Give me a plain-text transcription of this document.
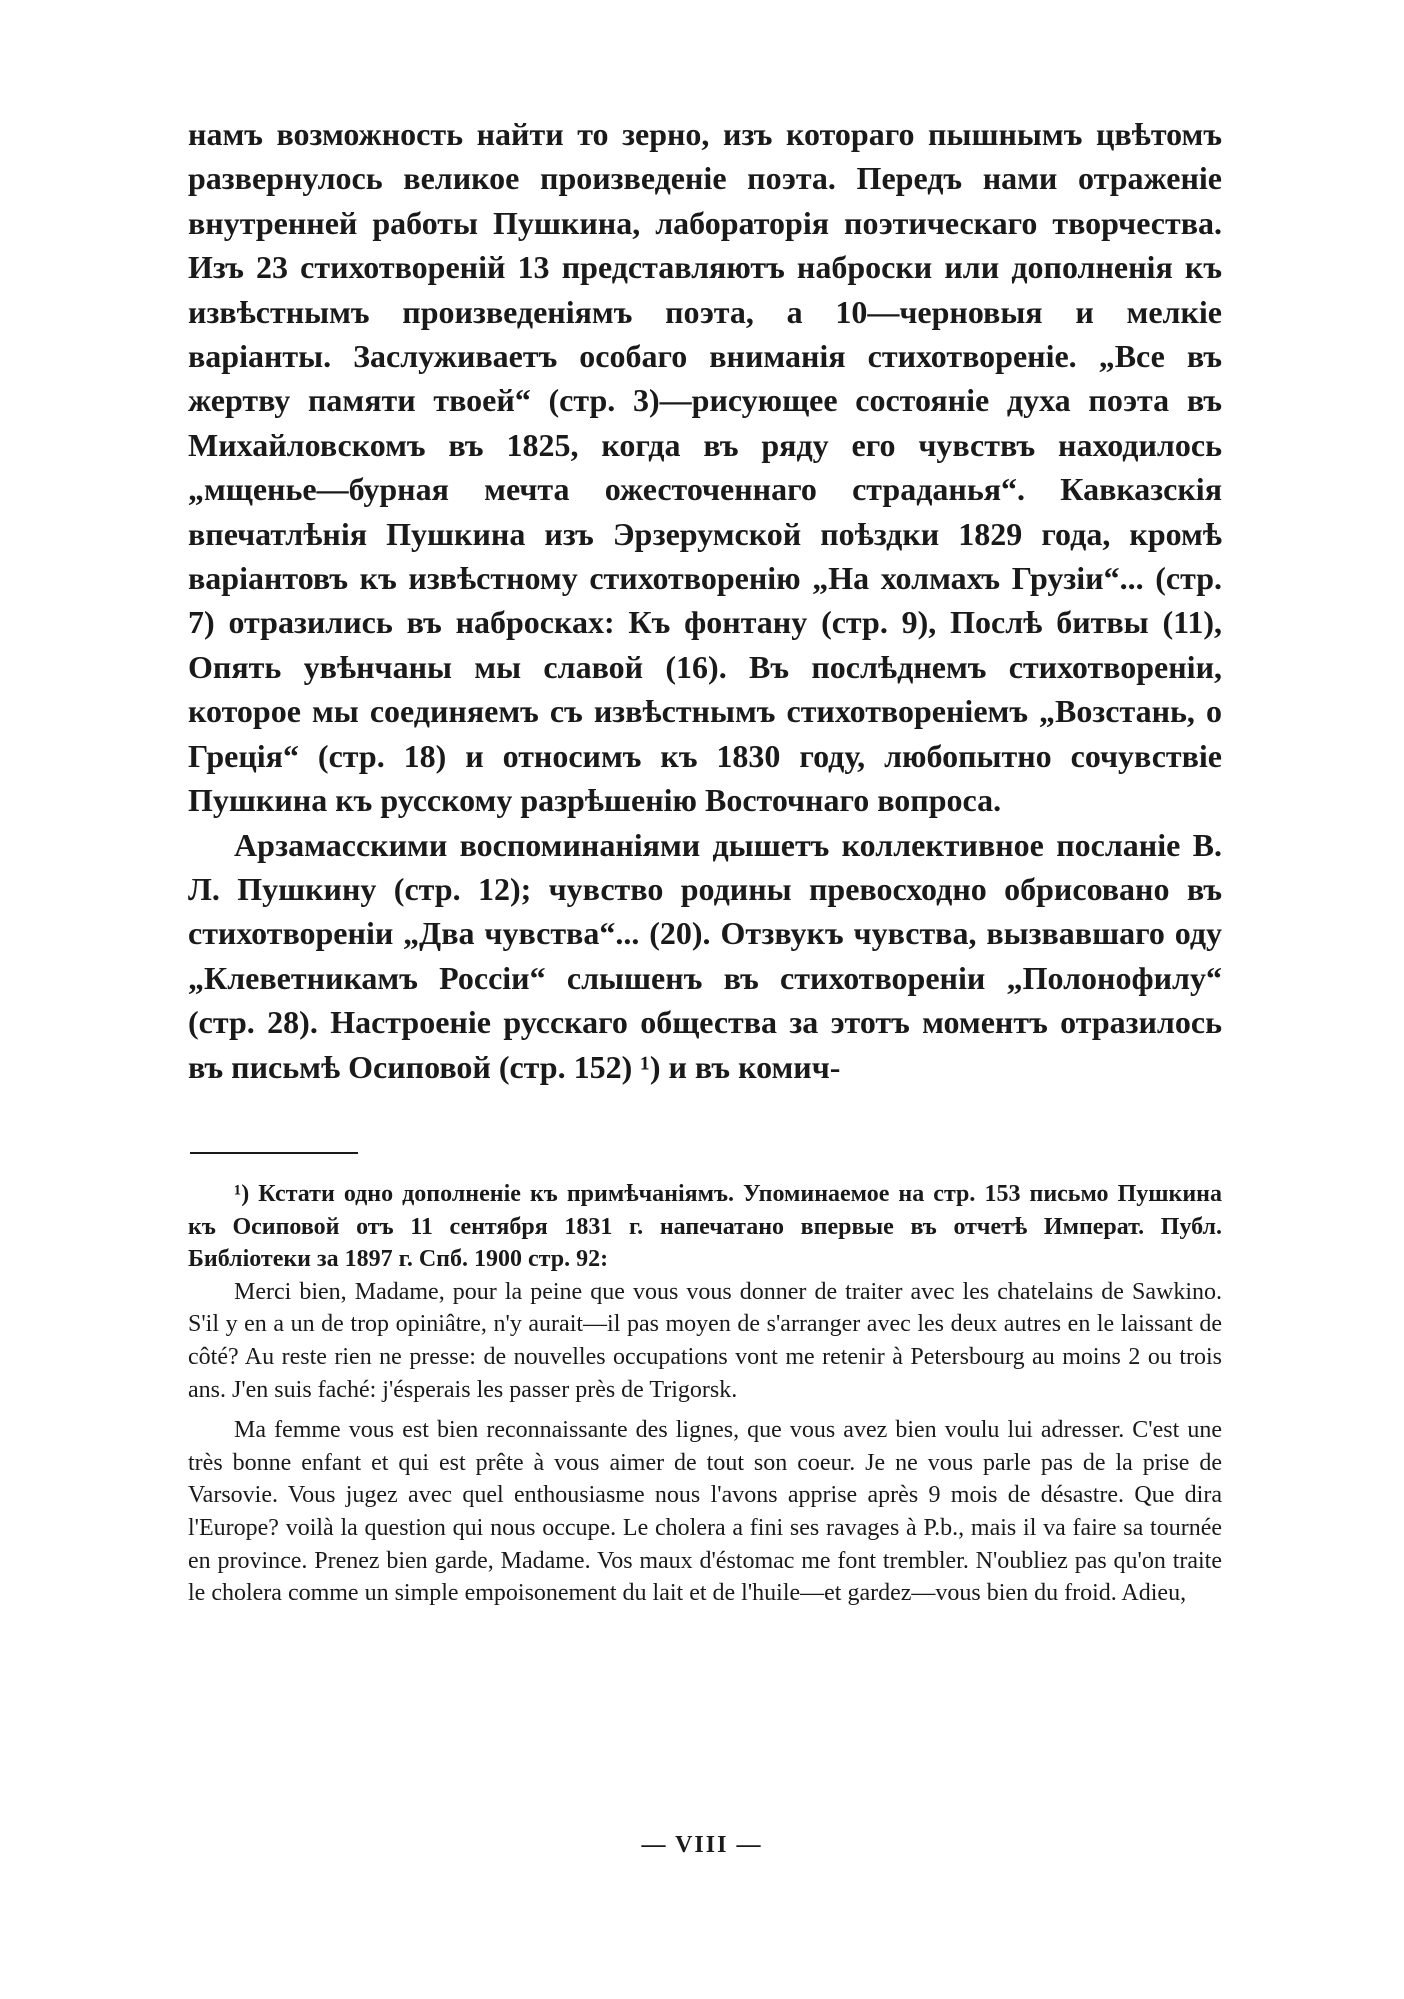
намъ возможность найти то зерно, изъ котораго пышнымъ цвѣтомъ развернулось великое произведеніе поэта. Передъ нами отраженіе внутренней работы Пушкина, лабораторія поэтическаго творчества. Изъ 23 стихотвореній 13 представляютъ наброски или дополненія къ извѣстнымъ произведеніямъ поэта, а 10—черновыя и мелкіе варіанты. Заслуживаетъ особаго вниманія стихотвореніе. „Все въ жертву памяти твоей“ (стр. 3)—рисующее состояніе духа поэта въ Михайловскомъ въ 1825, когда въ ряду его чувствъ находилось „мщенье—бурная мечта ожесточеннаго страданья“. Кавказскія впечатлѣнія Пушкина изъ Эрзерумской поѣздки 1829 года, кромѣ варіантовъ къ извѣстному стихотворенію „На холмахъ Грузіи“... (стр. 7) отразились въ набросках: Къ фонтану (стр. 9), Послѣ битвы (11), Опять увѣнчаны мы славой (16). Въ послѣднемъ стихотвореніи, которое мы соединяемъ съ извѣстнымъ стихотвореніемъ „Возстань, о Греція“ (стр. 18) и относимъ къ 1830 году, любопытно сочувствіе Пушкина къ русскому разрѣшенію Восточнаго вопроса.

Арзамасскими воспоминаніями дышетъ коллективное посланіе В. Л. Пушкину (стр. 12); чувство родины превосходно обрисовано въ стихотвореніи „Два чувства“... (20). Отзвукъ чувства, вызвавшаго оду „Клеветникамъ Россіи“ слышенъ въ стихотвореніи „Полонофилу“ (стр. 28). Настроеніе русскаго общества за этотъ моментъ отразилось въ письмѣ Осиповой (стр. 152) ¹) и въ комич-

¹) Кстати одно дополненіе къ примѣчаніямъ. Упоминаемое на стр. 153 письмо Пушкина къ Осиповой отъ 11 сентября 1831 г. напечатано впервые въ отчетѣ Императ. Публ. Библіотеки за 1897 г. Спб. 1900 стр. 92:

Merci bien, Madame, pour la peine que vous vous donner de traiter avec les chatelains de Sawkino. S'il y en a un de trop opiniâtre, n'y aurait—il pas moyen de s'arranger avec les deux autres en le laissant de côté? Au reste rien ne presse: de nouvelles occupations vont me retenir à Petersbourg au moins 2 ou trois ans. J'en suis faché: j'ésperais les passer près de Trigorsk.

Ma femme vous est bien reconnaissante des lignes, que vous avez bien voulu lui adresser. C'est une très bonne enfant et qui est prête à vous aimer de tout son coeur. Je ne vous parle pas de la prise de Varsovie. Vous jugez avec quel enthousiasme nous l'avons apprise après 9 mois de désastre. Que dira l'Europe? voilà la question qui nous occupe. Le cholera a fini ses ravages à P.b., mais il va faire sa tournée en province. Prenez bien garde, Madame. Vos maux d'éstomac me font trembler. N'oubliez pas qu'on traite le cholera comme un simple empoisonement du lait et de l'huile—et gardez—vous bien du froid. Adieu,

— VIII —
